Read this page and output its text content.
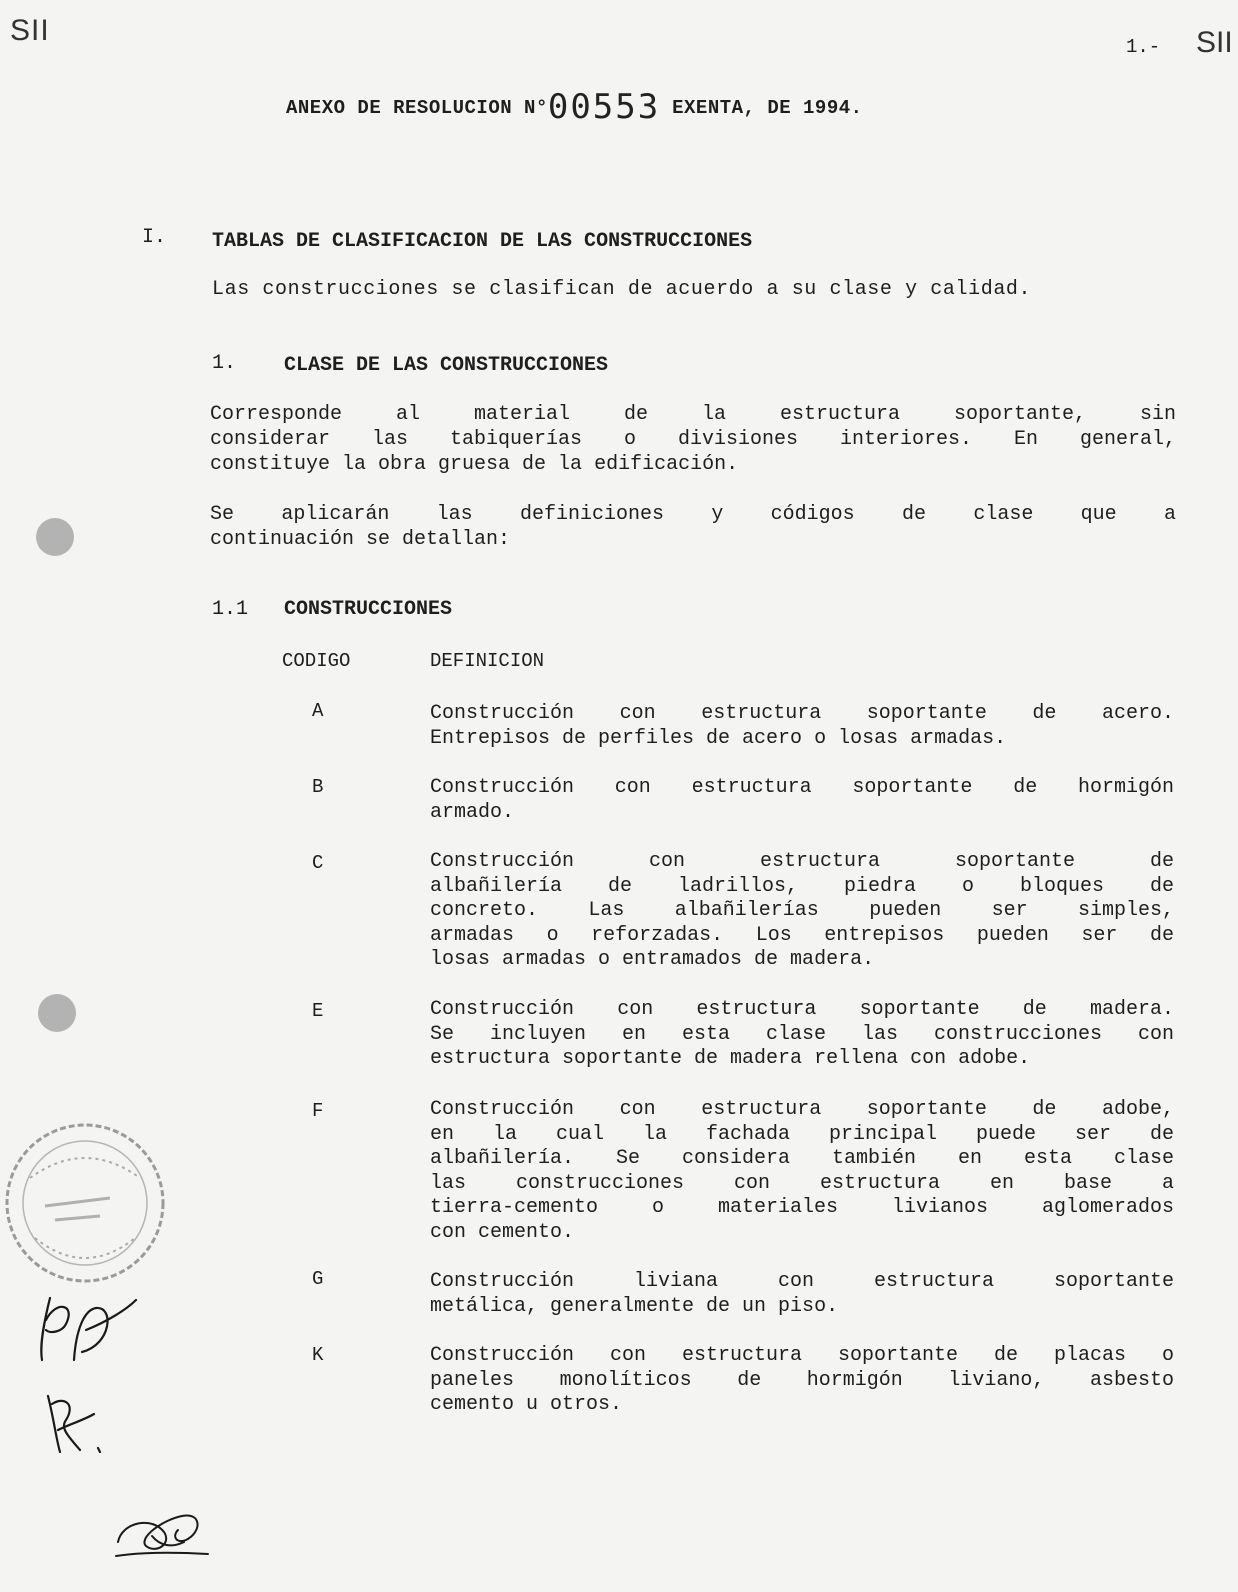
SII	1.- SII
ANEXO DE RESOLUCION N°00553 EXENTA, DE 1994.
I. TABLAS DE CLASIFICACION DE LAS CONSTRUCCIONES
Las construcciones se clasifican de acuerdo a su clase y calidad.
1. CLASE DE LAS CONSTRUCCIONES
Corresponde al material de la estructura soportante, sin
considerar las tabiquerías o divisiones interiores. En general,
constituye la obra gruesa de la edificación.
Se aplicarán las definiciones y códigos de clase que a
continuación se detallan:
1.1 CONSTRUCCIONES
CODIGO	DEFINICION
A	Construcción con estructura soportante de acero.
Entrepisos de perfiles de acero o losas armadas.
B	Construcción con estructura soportante de hormigón
armado.
C	Construcción con estructura soportante de
albañilería de ladrillos, piedra o bloques de
concreto. Las albañilerías pueden ser simples,
armadas o reforzadas. Los entrepisos pueden ser de
losas armadas o entramados de madera.
E	Construcción con estructura soportante de madera.
Se incluyen en esta clase las construcciones con
estructura soportante de madera rellena con adobe.
F	Construcción con estructura soportante de adobe,
en la cual la fachada principal puede ser de
albañilería. Se considera también en esta clase
las construcciones con estructura en base a
tierra-cemento o materiales livianos aglomerados
con cemento.
G	Construcción liviana con estructura soportante
metálica, generalmente de un piso.
K	Construcción con estructura soportante de placas o
paneles monolíticos de hormigón liviano, asbesto
cemento u otros.
